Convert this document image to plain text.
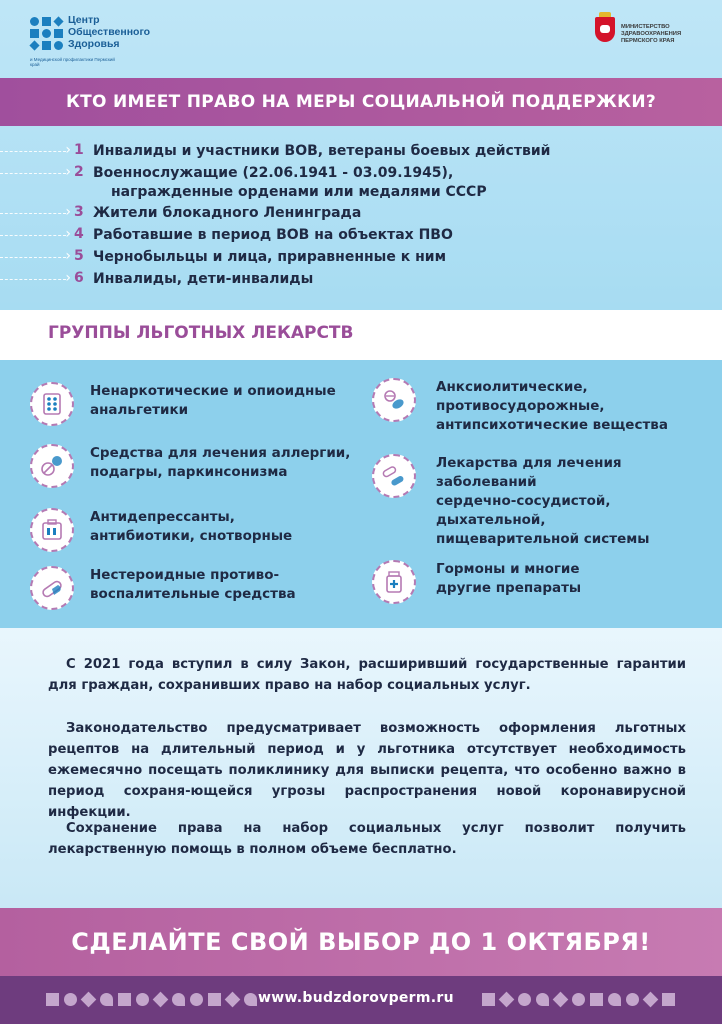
Центр
Общественного
Здоровья
и Медицинской профилактики Пермский край
МИНИСТЕРСТВО
ЗДРАВООХРАНЕНИЯ
ПЕРМСКОГО КРАЯ
КТО ИМЕЕТ ПРАВО НА МЕРЫ СОЦИАЛЬНОЙ ПОДДЕРЖКИ?
›
1 Инвалиды и участники ВОВ, ветераны боевых действий
›
2 Военнослужащие (22.06.1941 - 03.09.1945),
награжденные орденами или медалями СССР
›
3 Жители блокадного Ленинграда
›
4 Работавшие в период ВОВ на объектах ПВО
›
5 Чернобыльцы и лица, приравненные к ним
›
6 Инвалиды, дети-инвалиды
ГРУППЫ ЛЬГОТНЫХ ЛЕКАРСТВ
Ненаркотические и опиоидные
анальгетики
Средства для лечения аллергии,
подагры, паркинсонизма
Антидепрессанты,
антибиотики, снотворные
Нестероидные противо-
воспалительные средства
Анксиолитические,
противосудорожные,
антипсихотические вещества
Лекарства для лечения
заболеваний
сердечно-сосудистой,
дыхательной,
пищеварительной системы
Гормоны и многие
другие препараты
С 2021 года вступил в силу Закон, расширивший государственные гарантии для граждан, сохранивших право на набор социальных услуг.
Законодательство предусматривает возможность оформления льготных рецептов на длительный период и у льготника отсутствует необходимость ежемесячно посещать поликлинику для выписки рецепта, что особенно важно в период сохраня-ющейся угрозы распространения новой коронавирусной инфекции.
Сохранение права на набор социальных услуг позволит получить лекарственную помощь в полном объеме бесплатно.
СДЕЛАЙТЕ СВОЙ ВЫБОР ДО 1 ОКТЯБРЯ!
www.budzdorovperm.ru
